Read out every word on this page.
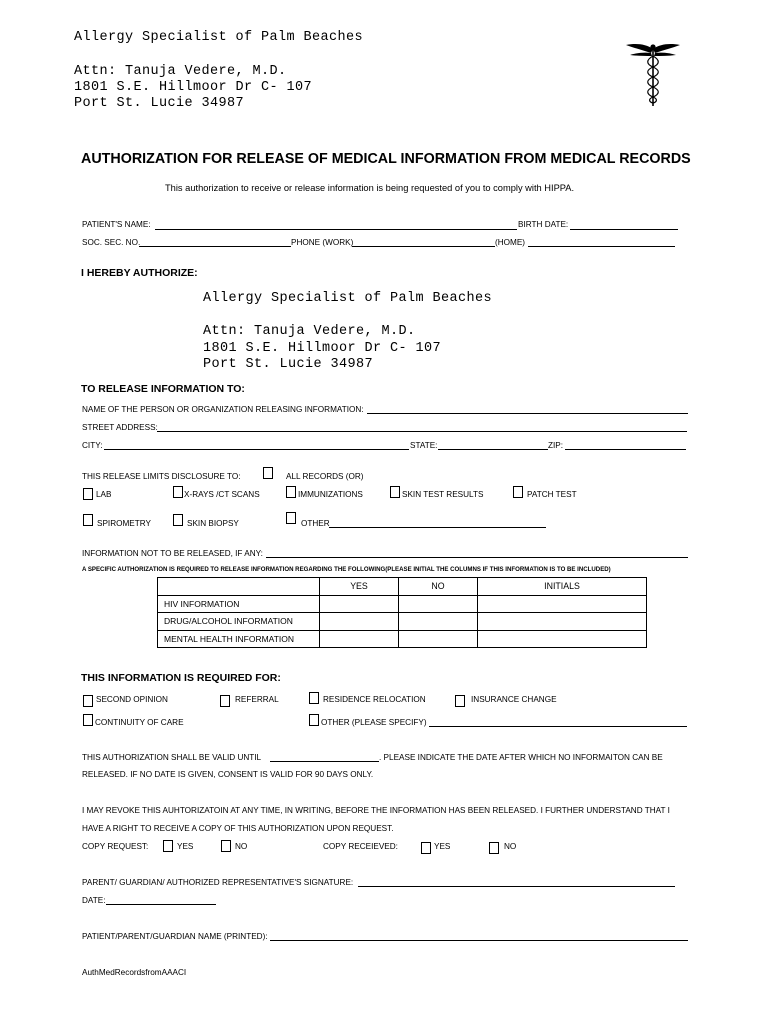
Allergy Specialist of Palm Beaches
Attn: Tanuja Vedere, M.D.
1801 S.E. Hillmoor Dr C- 107
Port St. Lucie 34987
AUTHORIZATION FOR RELEASE OF MEDICAL INFORMATION FROM MEDICAL RECORDS
This authorization to receive or release information is being requested of you to comply with HIPPA.
PATIENT'S NAME:	BIRTH DATE:
SOC. SEC. NO.	PHONE (WORK)	(HOME)
I HEREBY AUTHORIZE:
Allergy Specialist of Palm Beaches
Attn: Tanuja Vedere, M.D.
1801 S.E. Hillmoor Dr C- 107
Port St. Lucie 34987
TO RELEASE INFORMATION TO:
NAME OF THE PERSON OR ORGANIZATION RELEASING INFORMATION:
STREET ADDRESS:
CITY:	STATE:	ZIP:
THIS RELEASE LIMITS DISCLOSURE TO:	ALL RECORDS (OR)
LAB	X-RAYS /CT SCANS	IMMUNIZATIONS	SKIN TEST RESULTS	PATCH TEST
SPIROMETRY	SKIN BIOPSY	OTHER
INFORMATION NOT TO BE RELEASED, IF ANY:
A SPECIFIC AUTHORIZATION IS REQUIRED TO RELEASE INFORMATION REGARDING THE FOLLOWING(PLEASE INITIAL THE COLUMNS IF THIS INFORMATION IS TO BE INCLUDED)
	YES	NO	INITIALS
HIV INFORMATION			
DRUG/ALCOHOL INFORMATION			
MENTAL HEALTH INFORMATION			
THIS INFORMATION IS REQUIRED FOR:
SECOND OPINION	REFERRAL	RESIDENCE RELOCATION	INSURANCE CHANGE
CONTINUITY OF CARE	OTHER (PLEASE SPECIFY)
THIS AUTHORIZATION SHALL BE VALID UNTIL	. PLEASE INDICATE THE DATE AFTER WHICH NO INFORMAITON CAN BE
RELEASED. IF NO DATE IS GIVEN, CONSENT IS VALID FOR 90 DAYS ONLY.
I MAY REVOKE THIS AUHTORIZATOIN AT ANY TIME, IN WRITING, BEFORE THE INFORMATION HAS BEEN RELEASED. I FURTHER UNDERSTAND THAT I
HAVE A RIGHT TO RECEIVE A COPY OF THIS AUTHORIZATION UPON REQUEST.
COPY REQUEST:	YES	NO	COPY RECEIEVED:	YES	NO
PARENT/ GUARDIAN/ AUTHORIZED REPRESENTATIVE'S SIGNATURE:
DATE:
PATIENT/PARENT/GUARDIAN NAME (PRINTED):
AuthMedRecordsfromAAACI
